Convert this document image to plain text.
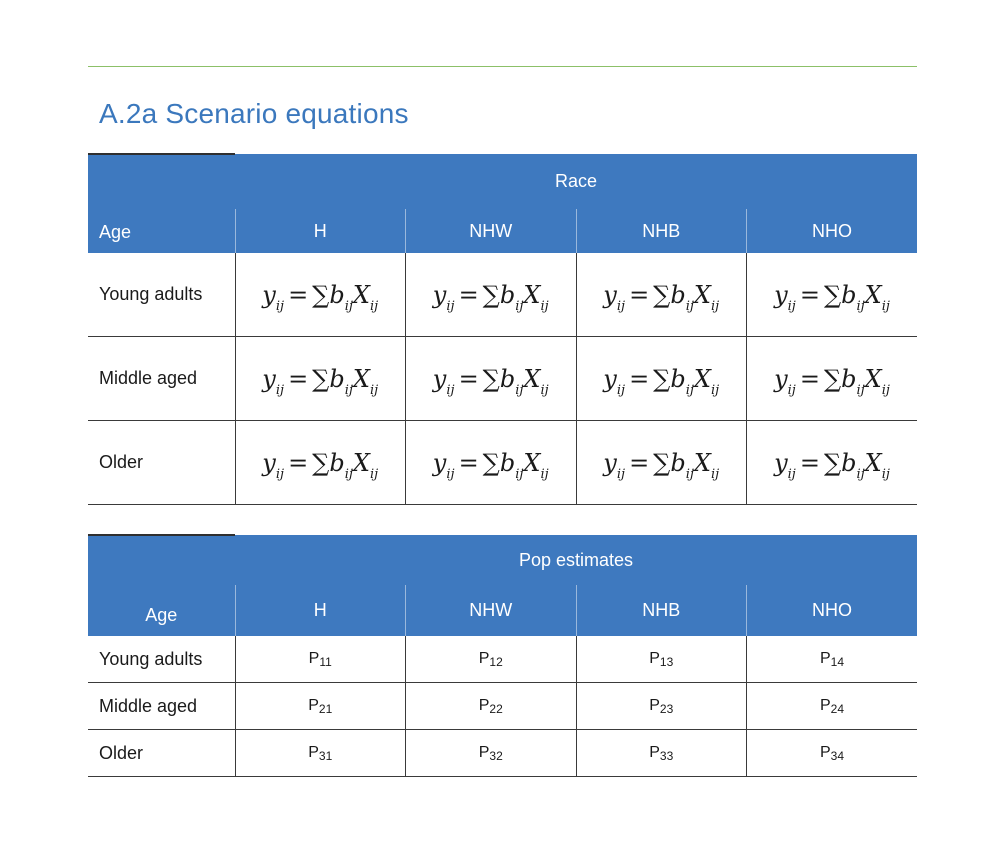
A.2a Scenario equations
Age	Race			
	H	NHW	NHB	NHO
Young adults	$y_{ij} = \sum b_{ij}X_{ij}$	$y_{ij} = \sum b_{ij}X_{ij}$	$y_{ij} = \sum b_{ij}X_{ij}$	$y_{ij} = \sum b_{ij}X_{ij}$
Middle aged	$y_{ij} = \sum b_{ij}X_{ij}$	$y_{ij} = \sum b_{ij}X_{ij}$	$y_{ij} = \sum b_{ij}X_{ij}$	$y_{ij} = \sum b_{ij}X_{ij}$
Older	$y_{ij} = \sum b_{ij}X_{ij}$	$y_{ij} = \sum b_{ij}X_{ij}$	$y_{ij} = \sum b_{ij}X_{ij}$	$y_{ij} = \sum b_{ij}X_{ij}$
Age	Pop estimates			
	H	NHW	NHB	NHO
Young adults	$P_{11}$	$P_{12}$	$P_{13}$	$P_{14}$
Middle aged	$P_{21}$	$P_{22}$	$P_{23}$	$P_{24}$
Older	$P_{31}$	$P_{32}$	$P_{33}$	$P_{34}$
